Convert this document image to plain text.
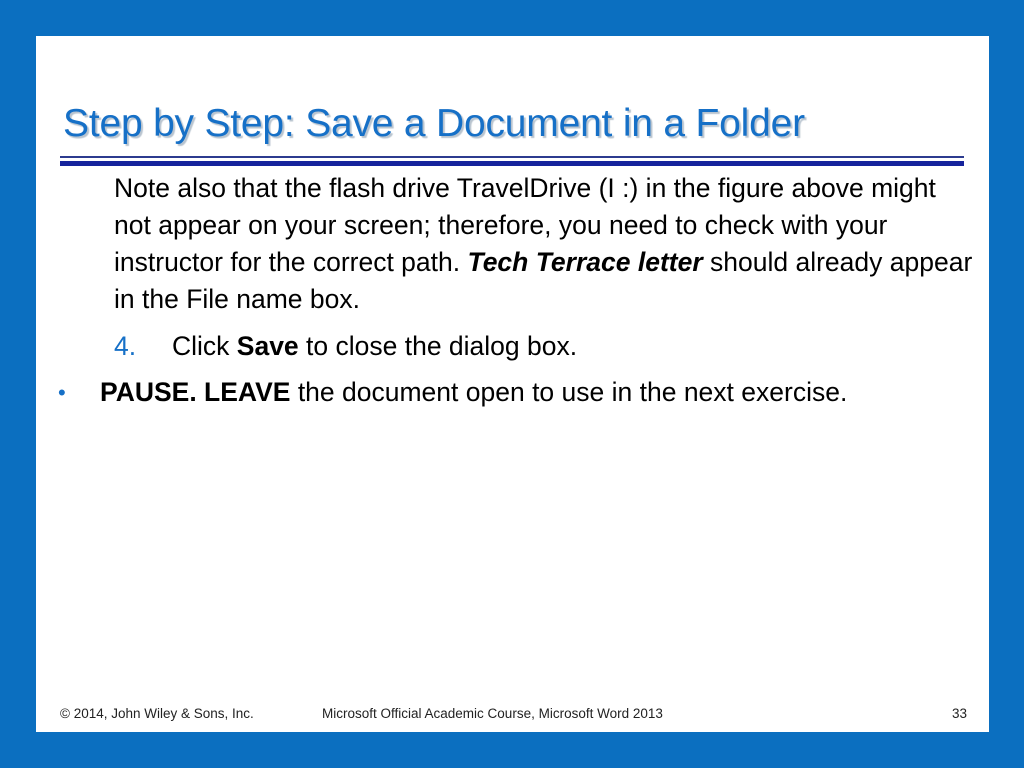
Step by Step: Save a Document in a Folder

Note also that the flash drive TravelDrive (I :) in the figure above might not appear on your screen; therefore, you need to check with your instructor for the correct path. Tech Terrace letter should already appear in the File name box.

4. Click Save to close the dialog box.

•	PAUSE. LEAVE the document open to use in the next exercise.
© 2014, John Wiley & Sons, Inc.	Microsoft Official Academic Course, Microsoft Word 2013	33
